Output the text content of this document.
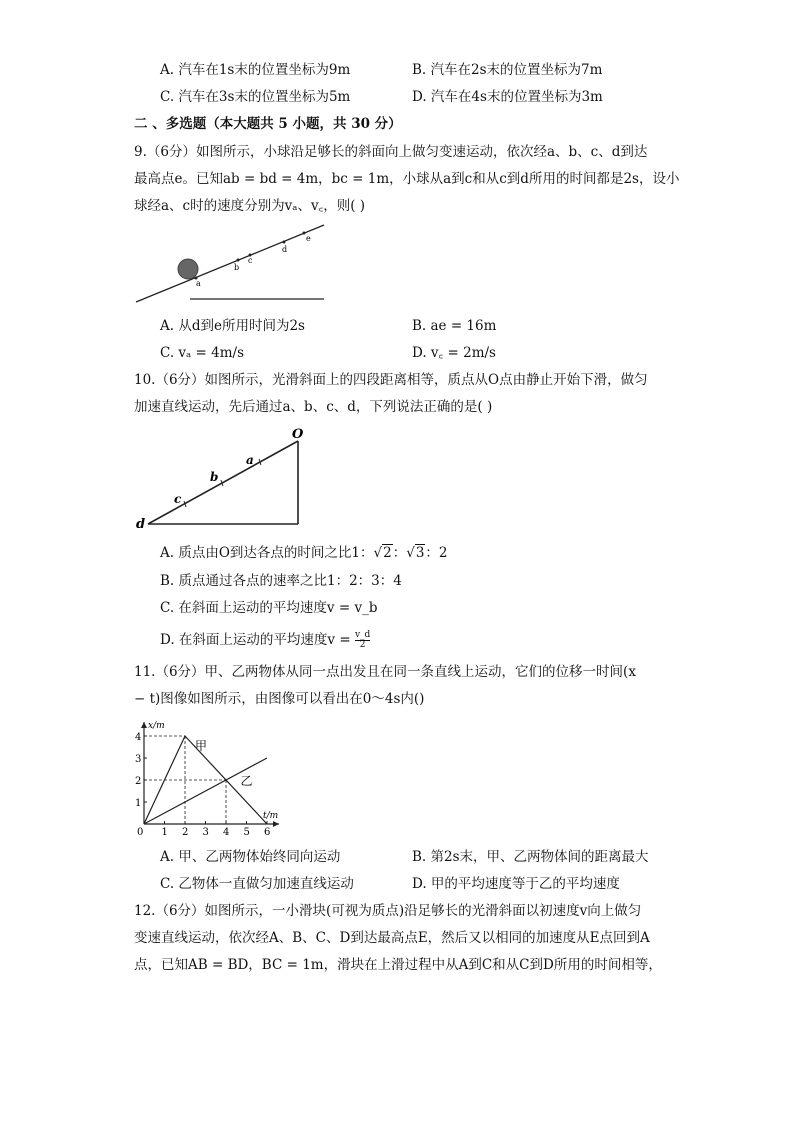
A. 汽车在1s末的位置坐标为9m	B. 汽车在2s末的位置坐标为7m
C. 汽车在3s末的位置坐标为5m	D. 汽车在4s末的位置坐标为3m
二 、多选题（本大题共 5 小题，共 30 分）
9.（6分）如图所示，小球沿足够长的斜面向上做匀变速运动，依次经a、b、c、d到达
最高点e。已知ab = bd = 4m，bc = 1m，小球从a到c和从c到d所用的时间都是2s，设小
球经a、c时的速度分别为vₐ、v꜀，则( )
a
b
c
d
e
A. 从d到e所用时间为2s	B. ae = 16m
C. vₐ = 4m/s	D. v꜀ = 2m/s
10.（6分）如图所示，光滑斜面上的四段距离相等，质点从O点由静止开始下滑，做匀
加速直线运动，先后通过a、b、c、d，下列说法正确的是( )
O
a
b
c
d
A. 质点由O到达各点的时间之比1：√2：√3：2
B. 质点通过各点的速率之比1：2：3：4
C. 在斜面上运动的平均速度v = v_b
D. 在斜面上运动的平均速度$v = \frac{v\_d}{2}$
11.（6分）甲、乙两物体从同一点出发且在同一条直线上运动，它们的位移一时间(x
− t)图像如图所示，由图像可以看出在0～4s内()
x/m
t/m
0 1 2 3 4 5 6
1
2
3
4
甲
乙
A. 甲、乙两物体始终同向运动	B. 第2s末，甲、乙两物体间的距离最大
C. 乙物体一直做匀加速直线运动	D. 甲的平均速度等于乙的平均速度
12.（6分）如图所示，一小滑块(可视为质点)沿足够长的光滑斜面以初速度v向上做匀
变速直线运动，依次经A、B、C、D到达最高点E，然后又以相同的加速度从E点回到A
点，已知AB = BD，BC = 1m，滑块在上滑过程中从A到C和从C到D所用的时间相等，
